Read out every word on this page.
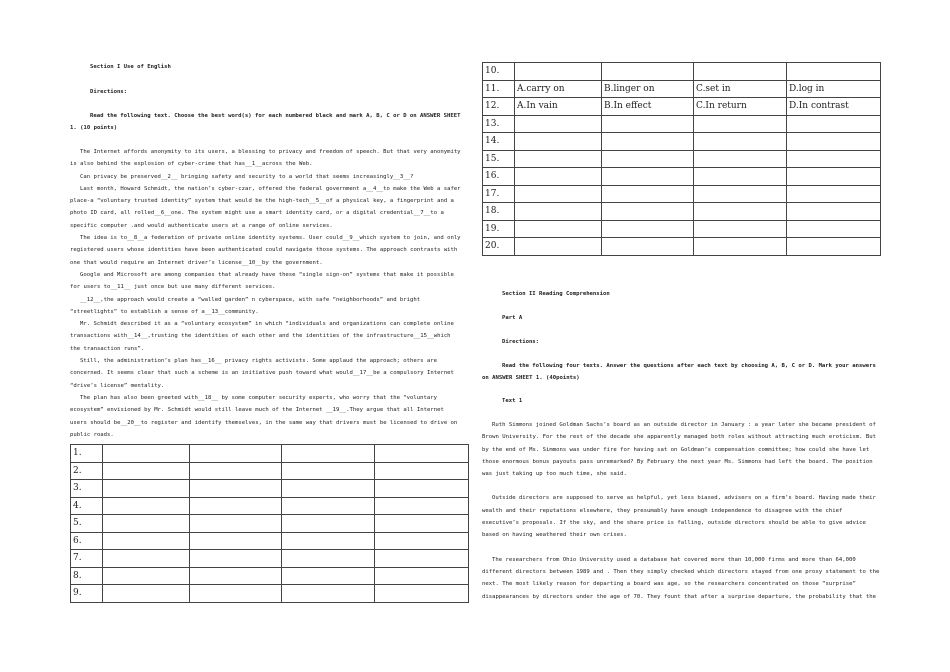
Section I Use of English

Directions:

Read the following text. Choose the best word(s) for each numbered black and mark A, B, C or D on ANSWER SHEET 1. (10 points)

The Internet affords anonymity to its users, a blessing to privacy and freedom of speech. But that very anonymity is also behind the explosion of cyber-crime that has__1__across the Web.

Can privacy be preserved__2__ bringing safety and security to a world that seems increasingly__3__?

Last month, Howard Schmidt, the nation’s cyber-czar, offered the federal government a__4__to make the Web a safer place-a “voluntary trusted identity” system that would be the high-tech__5__of a physical key, a fingerprint and a photo ID card, all rolled__6__one. The system might use a smart identity card, or a digital credential__7__to a specific computer .and would authenticate users at a range of online services.

The idea is to__8__a federation of private online identity systems. User could__9__which system to join, and only registered users whose identities have been authenticated could navigate those systems. The approach contrasts with one that would require an Internet driver’s license__10__by the government.

Google and Microsoft are among companies that already have these “single sign-on” systems that make it possible for users to__11__ just once but use many different services.

__12__,the approach would create a “walled garden” n cyberspace, with safe “neighborhoods” and bright “streetlights” to establish a sense of a__13__community.

Mr. Schmidt described it as a “voluntary ecosystem” in which “individuals and organizations can complete online transactions with__14__,trusting the identities of each other and the identities of the infrastructure__15__which the transaction runs”.

Still, the administration’s plan has__16__ privacy rights activists. Some applaud the approach; others are concerned. It seems clear that such a scheme is an initiative push toward what would__17__be a compulsory Internet “drive’s license” mentality.

The plan has also been greeted with__18__ by some computer security experts, who worry that the “voluntary ecosystem” envisioned by Mr. Schmidt would still leave much of the Internet __19__.They argue that all Internet users should be__20__to register and identify themselves, in the same way that drivers must be licensed to drive on public roads.

1.				
2.				
3.				
4.				
5.				
6.				
7.				
8.				
9.				
10.				
11.	A.carry on	B.linger on	C.set in	D.log in
12.	A.In vain	B.In effect	C.In return	D.In contrast
13.				
14.				
15.				
16.				
17.				
18.				
19.				
20.				

Section II Reading Comprehension

Part A

Directions:

Read the following four texts. Answer the questions after each text by choosing A, B, C or D. Mark your answers on ANSWER SHEET 1. (40points)

Text 1

Ruth Simmons joined Goldman Sachs’s board as an outside director in January : a year later she became president of Brown University. For the rest of the decade she apparently managed both roles without attracting much eroticism. But by the end of Ms. Simmons was under fire for having sat on Goldman’s compensation committee; how could she have let those enormous bonus payouts pass unremarked? By February the next year Ms. Simmons had left the board. The position was just taking up too much time, she said.

Outside directors are supposed to serve as helpful, yet less biased, advisers on a firm’s board. Having made their wealth and their reputations elsewhere, they presumably have enough independence to disagree with the chief executive’s proposals. If the sky, and the share price is falling, outside directors should be able to give advice based on having weathered their own crises.

The researchers from Ohio University used a database hat covered more than 10,000 firms and more than 64,000 different directors between 1989 and . Then they simply checked which directors stayed from one proxy statement to the next. The most likely reason for departing a board was age, so the researchers concentrated on those “surprise” disappearances by directors under the age of 70. They fount that after a surprise departure, the probability that the
